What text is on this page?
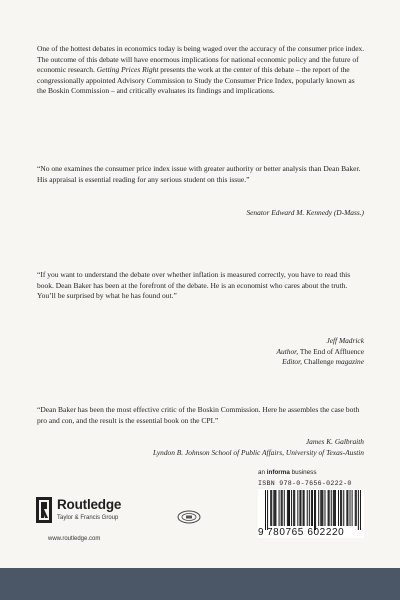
One of the hottest debates in economics today is being waged over the accuracy of the consumer price index. The outcome of this debate will have enormous implications for national economic policy and the future of economic research. Getting Prices Right presents the work at the center of this debate – the report of the congressionally appointed Advisory Commission to Study the Consumer Price Index, popularly known as the Boskin Commission – and critically evaluates its findings and implications.

“No one examines the consumer price index issue with greater authority or better analysis than Dean Baker. His appraisal is essential reading for any serious student on this issue.”

Senator Edward M. Kennedy (D-Mass.)

“If you want to understand the debate over whether inflation is measured correctly, you have to read this book. Dean Baker has been at the forefront of the debate. He is an economist who cares about the truth. You’ll be surprised by what he has found out.”

Jeff Madrick
Author, The End of Affluence
Editor, Challenge magazine

“Dean Baker has been the most effective critic of the Boskin Commission. Here he assembles the case both pro and con, and the result is the essential book on the CPI.”

James K. Galbraith
Lyndon B. Johnson School of Public Affairs, University of Texas-Austin
Routledge
Taylor & Francis Group
www.routledge.com
an informa business
ISBN 978-0-7656-0222-0
9 780765 602220
